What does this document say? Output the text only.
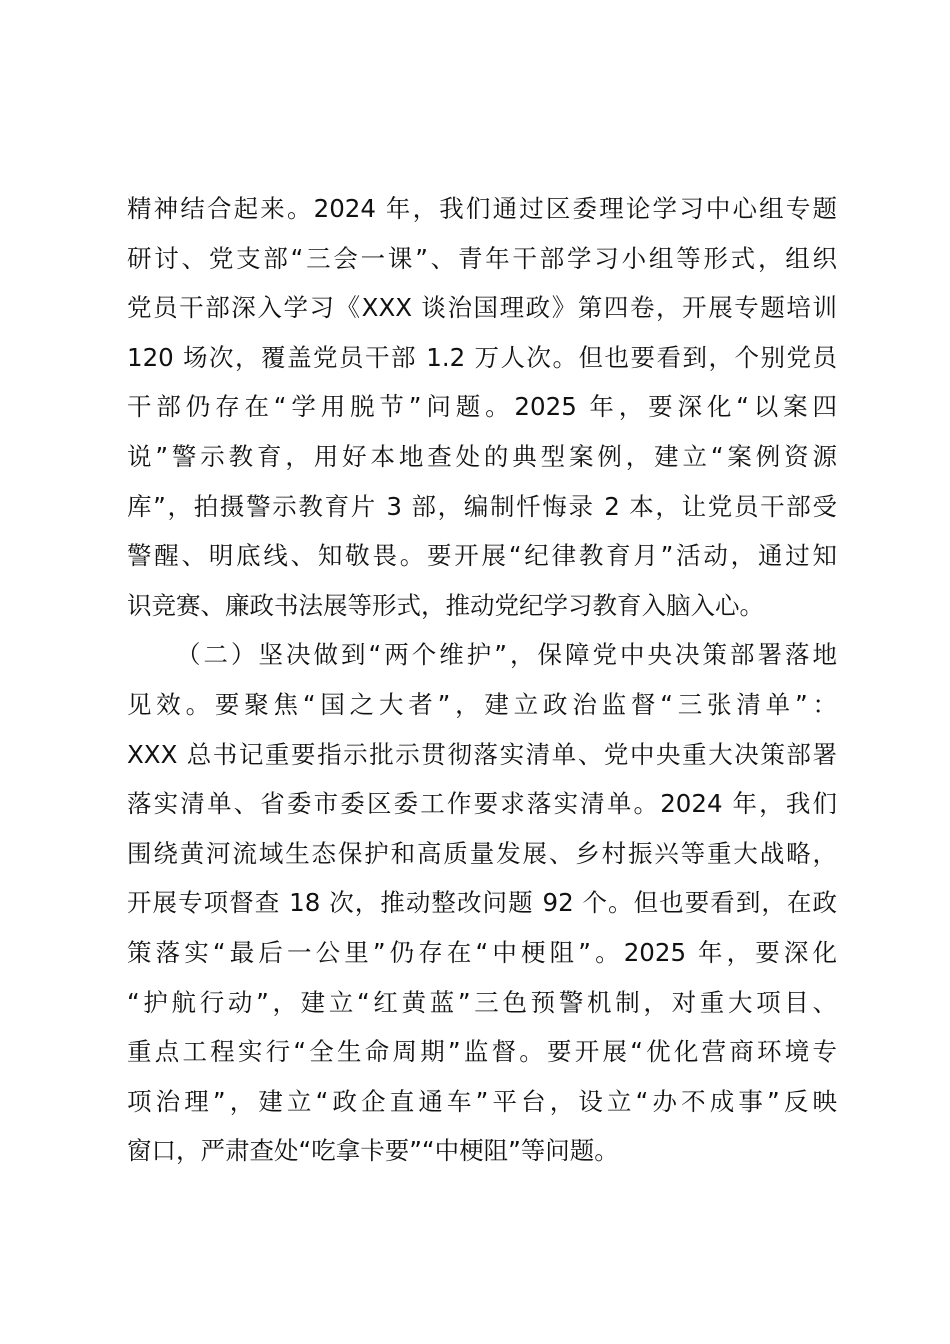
精神结合起来。2024 年，我们通过区委理论学习中心组专题
研讨、党支部“三会一课”、青年干部学习小组等形式，组织
党员干部深入学习《XXX 谈治国理政》第四卷，开展专题培训
120 场次，覆盖党员干部 1.2 万人次。但也要看到，个别党员
干部仍存在“学用脱节”问题。2025 年，要深化“以案四
说”警示教育，用好本地查处的典型案例，建立“案例资源
库”，拍摄警示教育片 3 部，编制忏悔录 2 本，让党员干部受
警醒、明底线、知敬畏。要开展“纪律教育月”活动，通过知
识竞赛、廉政书法展等形式，推动党纪学习教育入脑入心。
（二）坚决做到“两个维护”，保障党中央决策部署落地
见效。要聚焦“国之大者”，建立政治监督“三张清单”：
XXX 总书记重要指示批示贯彻落实清单、党中央重大决策部署
落实清单、省委市委区委工作要求落实清单。2024 年，我们
围绕黄河流域生态保护和高质量发展、乡村振兴等重大战略，
开展专项督查 18 次，推动整改问题 92 个。但也要看到，在政
策落实“最后一公里”仍存在“中梗阻”。2025 年，要深化
“护航行动”，建立“红黄蓝”三色预警机制，对重大项目、
重点工程实行“全生命周期”监督。要开展“优化营商环境专
项治理”，建立“政企直通车”平台，设立“办不成事”反映
窗口，严肃查处“吃拿卡要”“中梗阻”等问题。
